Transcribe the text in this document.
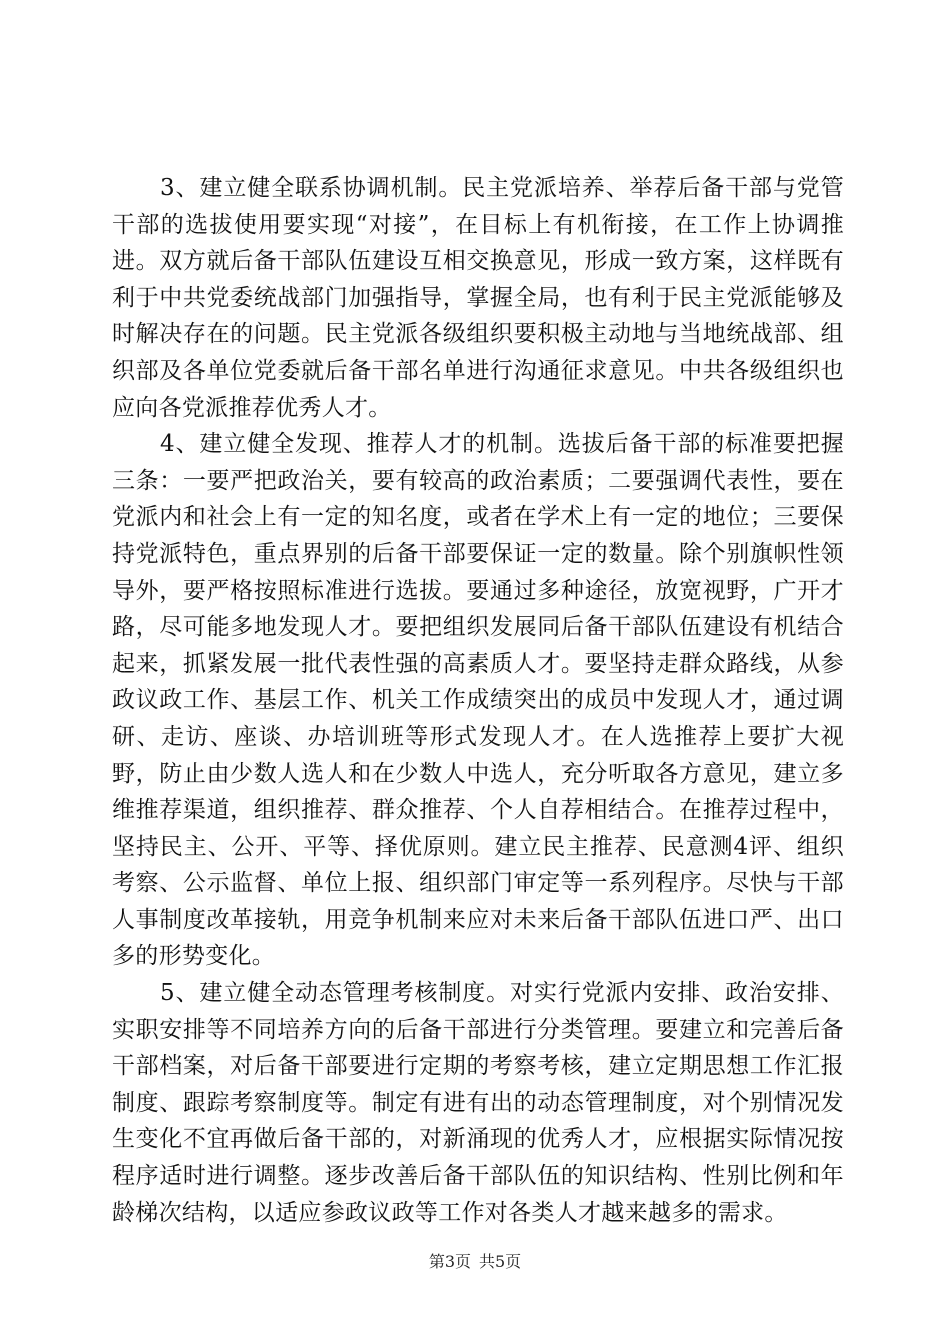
3、建立健全联系协调机制。民主党派培养、举荐后备干部与党管干部的选拔使用要实现“对接”，在目标上有机衔接，在工作上协调推进。双方就后备干部队伍建设互相交换意见，形成一致方案，这样既有利于中共党委统战部门加强指导，掌握全局，也有利于民主党派能够及时解决存在的问题。民主党派各级组织要积极主动地与当地统战部、组织部及各单位党委就后备干部名单进行沟通征求意见。中共各级组织也应向各党派推荐优秀人才。

4、建立健全发现、推荐人才的机制。选拔后备干部的标准要把握三条：一要严把政治关，要有较高的政治素质；二要强调代表性，要在党派内和社会上有一定的知名度，或者在学术上有一定的地位；三要保持党派特色，重点界别的后备干部要保证一定的数量。除个别旗帜性领导外，要严格按照标准进行选拔。要通过多种途径，放宽视野，广开才路，尽可能多地发现人才。要把组织发展同后备干部队伍建设有机结合起来，抓紧发展一批代表性强的高素质人才。要坚持走群众路线，从参政议政工作、基层工作、机关工作成绩突出的成员中发现人才，通过调研、走访、座谈、办培训班等形式发现人才。在人选推荐上要扩大视野，防止由少数人选人和在少数人中选人，充分听取各方意见，建立多维推荐渠道，组织推荐、群众推荐、个人自荐相结合。在推荐过程中，坚持民主、公开、平等、择优原则。建立民主推荐、民意测4评、组织考察、公示监督、单位上报、组织部门审定等一系列程序。尽快与干部人事制度改革接轨，用竞争机制来应对未来后备干部队伍进口严、出口多的形势变化。

5、建立健全动态管理考核制度。对实行党派内安排、政治安排、实职安排等不同培养方向的后备干部进行分类管理。要建立和完善后备干部档案，对后备干部要进行定期的考察考核，建立定期思想工作汇报制度、跟踪考察制度等。制定有进有出的动态管理制度，对个别情况发生变化不宜再做后备干部的，对新涌现的优秀人才，应根据实际情况按程序适时进行调整。逐步改善后备干部队伍的知识结构、性别比例和年龄梯次结构，以适应参政议政等工作对各类人才越来越多的需求。

第3页 共5页
